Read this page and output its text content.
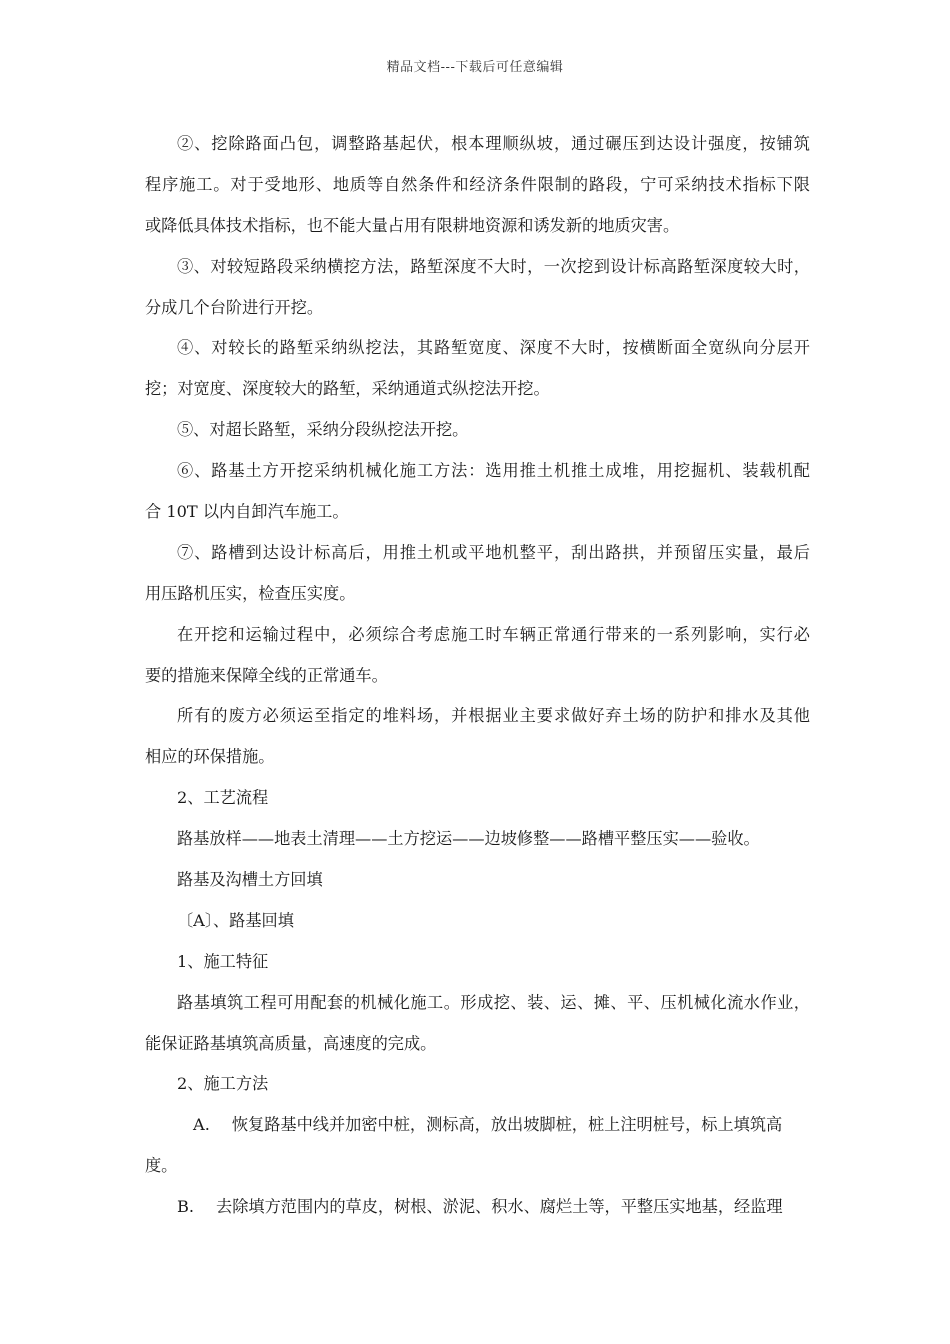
精品文档---下载后可任意编辑
②、挖除路面凸包，调整路基起伏，根本理顺纵坡，通过碾压到达设计强度，按铺筑
程序施工。对于受地形、地质等自然条件和经济条件限制的路段，宁可采纳技术指标下限
或降低具体技术指标，也不能大量占用有限耕地资源和诱发新的地质灾害。
③、对较短路段采纳横挖方法，路堑深度不大时，一次挖到设计标高路堑深度较大时，
分成几个台阶进行开挖。
④、对较长的路堑采纳纵挖法，其路堑宽度、深度不大时，按横断面全宽纵向分层开
挖；对宽度、深度较大的路堑，采纳通道式纵挖法开挖。
⑤、对超长路堑，采纳分段纵挖法开挖。
⑥、路基土方开挖采纳机械化施工方法：选用推土机推土成堆，用挖掘机、装载机配
合 10T 以内自卸汽车施工。
⑦、路槽到达设计标高后，用推土机或平地机整平，刮出路拱，并预留压实量，最后
用压路机压实，检查压实度。
在开挖和运输过程中，必须综合考虑施工时车辆正常通行带来的一系列影响，实行必
要的措施来保障全线的正常通车。
所有的废方必须运至指定的堆料场，并根据业主要求做好弃土场的防护和排水及其他
相应的环保措施。
2、工艺流程
路基放样——地表土清理——土方挖运——边坡修整——路槽平整压实——验收。
路基及沟槽土方回填
〔A〕、路基回填
1、施工特征
路基填筑工程可用配套的机械化施工。形成挖、装、运、摊、平、压机械化流水作业，
能保证路基填筑高质量，高速度的完成。
2、施工方法
A. 恢复路基中线并加密中桩，测标高，放出坡脚桩，桩上注明桩号，标上填筑高
度。
B. 去除填方范围内的草皮，树根、淤泥、积水、腐烂土等，平整压实地基，经监理
